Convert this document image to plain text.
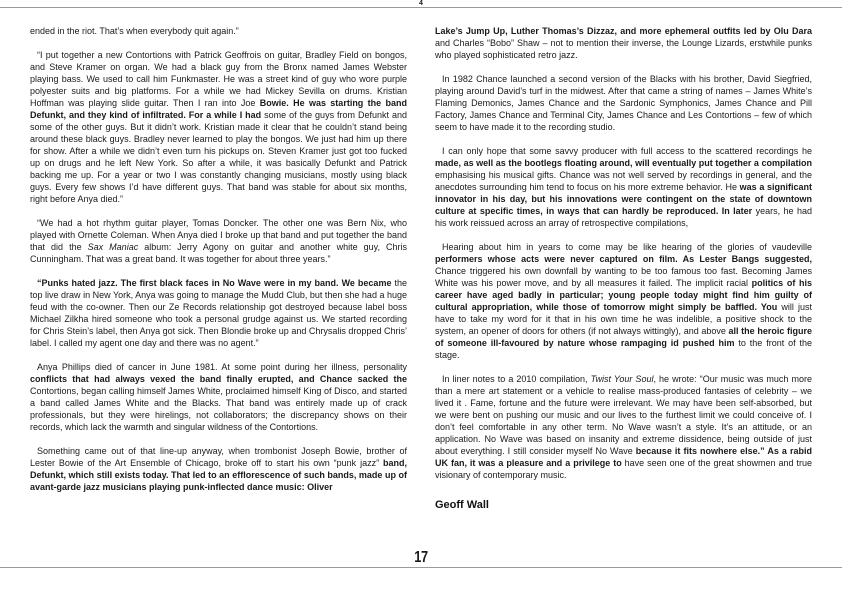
4

ended in the riot. That’s when everybody quit again.”

“I put together a new Contortions with Patrick Geoffrois on guitar, Bradley Field on bongos, and Steve Kramer on organ. We had a black guy from the Bronx named James Webster playing bass. We used to call him Funkmaster. He was a street kind of guy who wore purple polyester suits and big platforms. For a while we had Mickey Sevilla on drums. Kristian Hoffman was playing slide guitar. Then I ran into Joe Bowie. He was starting the band Defunkt, and they kind of infiltrated. For a while I had some of the guys from Defunkt and some of the other guys. But it didn’t work. Kristian made it clear that he couldn’t stand being around these black guys. Bradley never learned to play the bongos. We just had him up there for show. After a while we didn’t even turn his pickups on. Steven Kramer just got too fucked up on drugs and he left New York. So after a while, it was basically Defunkt and Patrick backing me up. For a year or two I was constantly changing musicians, mostly using black guys. Every few shows I’d have different guys. That band was stable for about six months, right before Anya died.”

“We had a hot rhythm guitar player, Tomas Doncker. The other one was Bern Nix, who played with Ornette Coleman. When Anya died I broke up that band and put together the band that did the Sax Maniac album: Jerry Agony on guitar and another white guy, Chris Cunningham. That was a great band. It was together for about three years.”

“Punks hated jazz. The first black faces in No Wave were in my band. We became the top live draw in New York, Anya was going to manage the Mudd Club, but then she had a huge feud with the co-owner. Then our Ze Records relationship got destroyed because label boss Michael Zilkha hired someone who took a personal grudge against us. We started recording for Chris Stein’s label, then Anya got sick. Then Blondie broke up and Chrysalis dropped Chris’ label. I called my agent one day and there was no agent.”

Anya Phillips died of cancer in June 1981. At some point during her illness, personality conflicts that had always vexed the band finally erupted, and Chance sacked the Contortions, began calling himself James White, proclaimed himself King of Disco, and started a band called James White and the Blacks. That band was entirely made up of crack professionals, but they were hirelings, not collaborators; the discrepancy shows on their records, which lack the warmth and singular wildness of the Contortions.

Something came out of that line-up anyway, when trombonist Joseph Bowie, brother of Lester Bowie of the Art Ensemble of Chicago, broke off to start his own “punk jazz” band, Defunkt, which still exists today. That led to an efflorescence of such bands, made up of avant-garde jazz musicians playing punk-inflected dance music: Oliver

Lake’s Jump Up, Luther Thomas’s Dizzaz, and more ephemeral outfits led by Olu Dara and Charles “Bobo” Shaw – not to mention their inverse, the Lounge Lizards, erstwhile punks who played sophisticated retro jazz.

In 1982 Chance launched a second version of the Blacks with his brother, David Siegfried, playing around David’s turf in the midwest. After that came a string of names – James White’s Flaming Demonics, James Chance and the Sardonic Symphonics, James Chance and Pill Factory, James Chance and Terminal City, James Chance and Les Contortions – few of which seem to have made it to the recording studio.

I can only hope that some savvy producer with full access to the scattered recordings he made, as well as the bootlegs floating around, will eventually put together a compilation emphasising his musical gifts. Chance was not well served by recordings in general, and the anecdotes surrounding him tend to focus on his more extreme behavior. He was a significant innovator in his day, but his innovations were contingent on the state of downtown culture at specific times, in ways that can hardly be reproduced. In later years, he had his work reissued across an array of retrospective compilations,

Hearing about him in years to come may be like hearing of the glories of vaudeville performers whose acts were never captured on film. As Lester Bangs suggested, Chance triggered his own downfall by wanting to be too famous too fast. Becoming James White was his power move, and by all measures it failed. The implicit racial politics of his career have aged badly in particular; young people today might find him guilty of cultural appropriation, while those of tomorrow might simply be baffled. You will just have to take my word for it that in his own time he was indelible, a positive shock to the system, an opener of doors for others (if not always wittingly), and above all the heroic figure of someone ill-favoured by nature whose rampaging id pushed him to the front of the stage.

In liner notes to a 2010 compilation, Twist Your Soul, he wrote: “Our music was much more than a mere art statement or a vehicle to realise mass-produced fantasies of celebrity – we lived it . Fame, fortune and the future were irrelevant. We may have been self-absorbed, but we were bent on pushing our music and our lives to the furthest limit we could conceive of. I don’t feel comfortable in any other term. No Wave wasn’t a style. It’s an attitude, or an application. No Wave was based on insanity and extreme dissidence, being outside of just about everything. I still consider myself No Wave because it fits nowhere else.” As a rabid UK fan, it was a pleasure and a privilege to have seen one of the great showmen and true visionary of contemporary music.

Geoff Wall
17
